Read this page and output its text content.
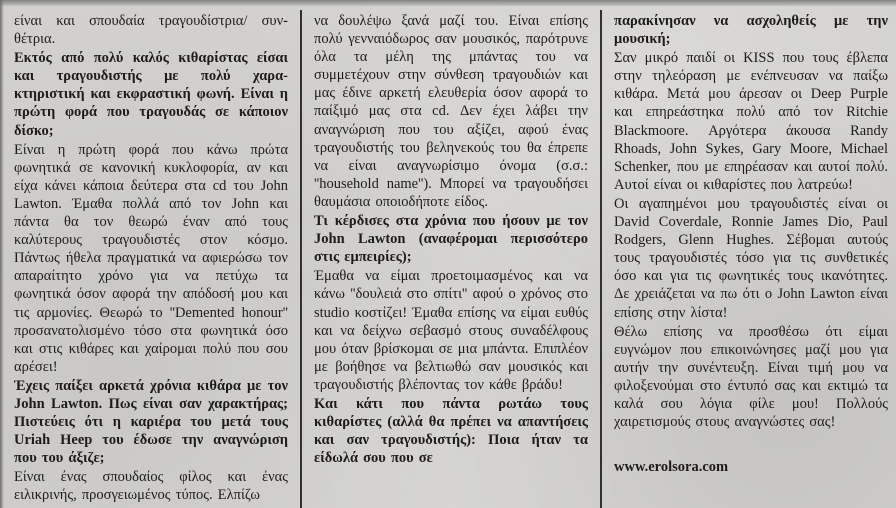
είναι και σπουδαία τραγουδίστρια/ συν-θέτρια.

Εκτός από πολύ καλός κιθαρίστας είσαι και τραγουδιστής με πολύ χαρα-κτηριστική και εκφραστική φωνή. Είναι η πρώτη φορά που τραγουδάς σε κάποιον δίσκο;

Είναι η πρώτη φορά που κάνω πρώτα φωνητικά σε κανονική κυκλοφορία, αν και είχα κάνει κάποια δεύτερα στα cd του John Lawton. Έμαθα πολλά από τον John και πάντα θα τον θεωρώ έναν από τους καλύτερους τραγουδιστές στον κόσμο. Πάντως ήθελα πραγματικά να αφιερώσω τον απαραίτητο χρόνο για να πετύχω τα φωνητικά όσον αφορά την απόδοσή μου και τις αρμονίες. Θεωρώ το ''Demented honour'' προσανατολισμένο τόσο στα φωνητικά όσο και στις κιθάρες και χαίρομαι πολύ που σου αρέσει!

Έχεις παίξει αρκετά χρόνια κιθάρα με τον John Lawton. Πως είναι σαν χαρακτήρας; Πιστεύεις ότι η καριέρα του μετά τους Uriah Heep του έδωσε την αναγνώριση που του άξιζε;

Είναι ένας σπουδαίος φίλος και ένας ειλικρινής, προσγειωμένος τύπος. Ελπίζω

να δουλέψω ξανά μαζί του. Είναι επίσης πολύ γενναιόδωρος σαν μουσικός, παρότρυνε όλα τα μέλη της μπάντας του να συμμετέχουν στην σύνθεση τραγουδιών και μας έδινε αρκετή ελευθερία όσον αφορά το παίξιμό μας στα cd. Δεν έχει λάβει την αναγνώριση που του αξίζει, αφού ένας τραγουδιστής του βεληνεκούς του θα έπρεπε να είναι αναγνωρίσιμο όνομα (σ.σ.: ''household name''). Μπορεί να τραγουδήσει θαυμάσια οποιοδήποτε είδος.

Τι κέρδισες στα χρόνια που ήσουν με τον John Lawton (αναφέρομαι περισσότερο στις εμπειρίες);

Έμαθα να είμαι προετοιμασμένος και να κάνω ''δουλειά στο σπίτι'' αφού ο χρόνος στο studio κοστίζει! Έμαθα επίσης να είμαι ευθύς και να δείχνω σεβασμό στους συναδέλφους μου όταν βρίσκομαι σε μια μπάντα. Επιπλέον με βοήθησε να βελτιωθώ σαν μουσικός και τραγουδιστής βλέποντας τον κάθε βράδυ!

Και κάτι που πάντα ρωτάω τους κιθαρίστες (αλλά θα πρέπει να απαντήσεις και σαν τραγουδιστής): Ποια ήταν τα είδωλά σου που σε

παρακίνησαν να ασχοληθείς με την μουσική;

Σαν μικρό παιδί οι KISS που τους έβλεπα στην τηλεόραση με ενέπνευσαν να παίξω κιθάρα. Μετά μου άρεσαν οι Deep Purple και επηρεάστηκα πολύ από τον Ritchie Blackmoore. Αργότερα άκουσα Randy Rhoads, John Sykes, Gary Moore, Michael Schenker, που με επηρέασαν και αυτοί πολύ. Αυτοί είναι οι κιθαρίστες που λατρεύω!

Οι αγαπημένοι μου τραγουδιστές είναι οι David Coverdale, Ronnie James Dio, Paul Rodgers, Glenn Hughes. Σέβομαι αυτούς τους τραγουδιστές τόσο για τις συνθετικές όσο και για τις φωνητικές τους ικανότητες. Δε χρειάζεται να πω ότι ο John Lawton είναι επίσης στην λίστα!

Θέλω επίσης να προσθέσω ότι είμαι ευγνώμον που επικοινώνησες μαζί μου για αυτήν την συνέντευξη. Είναι τιμή μου να φιλοξενούμαι στο έντυπό σας και εκτιμώ τα καλά σου λόγια φίλε μου! Πολλούς χαιρετισμούς στους αναγνώστες σας!

www.erolsora.com
